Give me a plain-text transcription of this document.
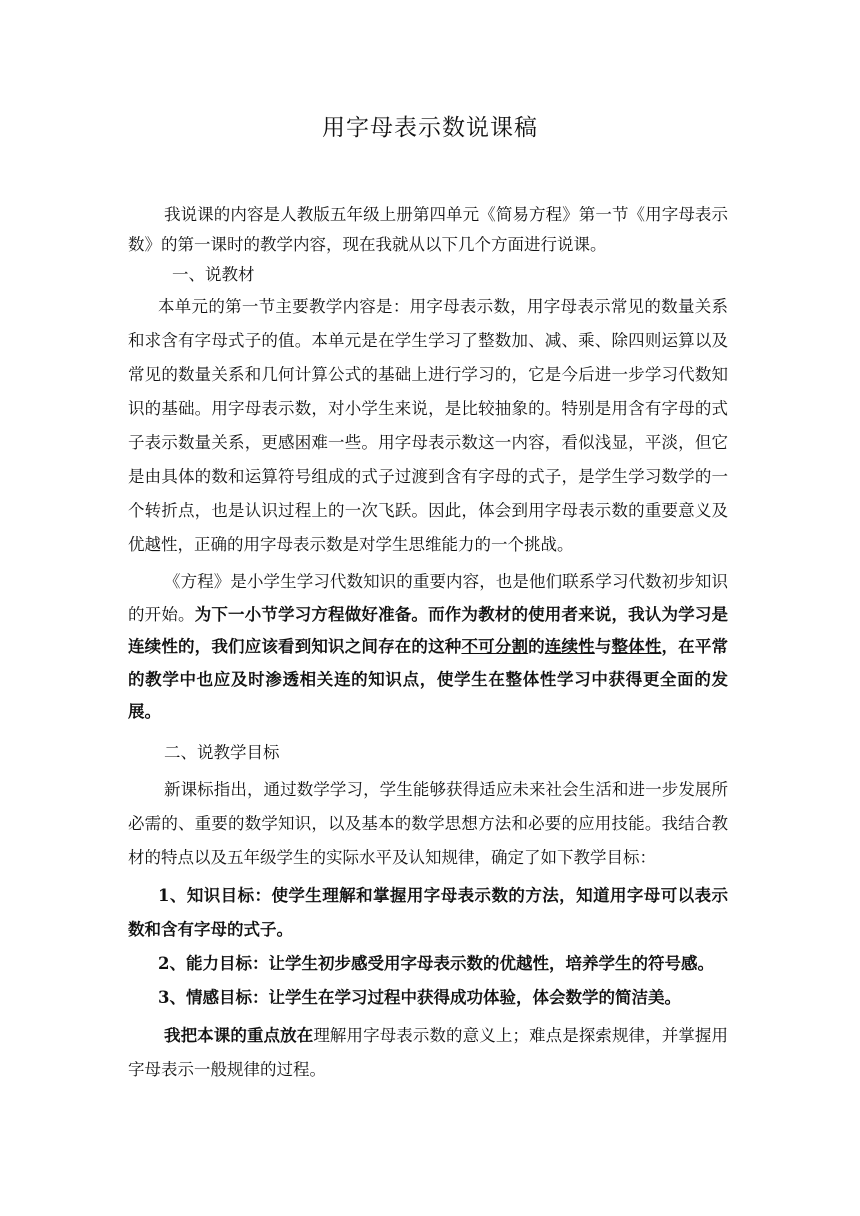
用字母表示数说课稿

我说课的内容是人教版五年级上册第四单元《简易方程》第一节《用字母表示数》的第一课时的教学内容，现在我就从以下几个方面进行说课。

一、说教材

本单元的第一节主要教学内容是：用字母表示数，用字母表示常见的数量关系和求含有字母式子的值。本单元是在学生学习了整数加、减、乘、除四则运算以及常见的数量关系和几何计算公式的基础上进行学习的，它是今后进一步学习代数知识的基础。用字母表示数，对小学生来说，是比较抽象的。特别是用含有字母的式子表示数量关系，更感困难一些。用字母表示数这一内容，看似浅显，平淡，但它是由具体的数和运算符号组成的式子过渡到含有字母的式子，是学生学习数学的一个转折点，也是认识过程上的一次飞跃。因此，体会到用字母表示数的重要意义及优越性，正确的用字母表示数是对学生思维能力的一个挑战。

《方程》是小学生学习代数知识的重要内容，也是他们联系学习代数初步知识的开始。为下一小节学习方程做好准备。而作为教材的使用者来说，我认为学习是连续性的，我们应该看到知识之间存在的这种不可分割的连续性与整体性，在平常的教学中也应及时渗透相关连的知识点，使学生在整体性学习中获得更全面的发展。

二、说教学目标

新课标指出，通过数学学习，学生能够获得适应未来社会生活和进一步发展所必需的、重要的数学知识，以及基本的数学思想方法和必要的应用技能。我结合教材的特点以及五年级学生的实际水平及认知规律，确定了如下教学目标：

1、知识目标：使学生理解和掌握用字母表示数的方法，知道用字母可以表示数和含有字母的式子。

2、能力目标：让学生初步感受用字母表示数的优越性，培养学生的符号感。

3、情感目标：让学生在学习过程中获得成功体验，体会数学的简洁美。

我把本课的重点放在理解用字母表示数的意义上；难点是探索规律，并掌握用字母表示一般规律的过程。
